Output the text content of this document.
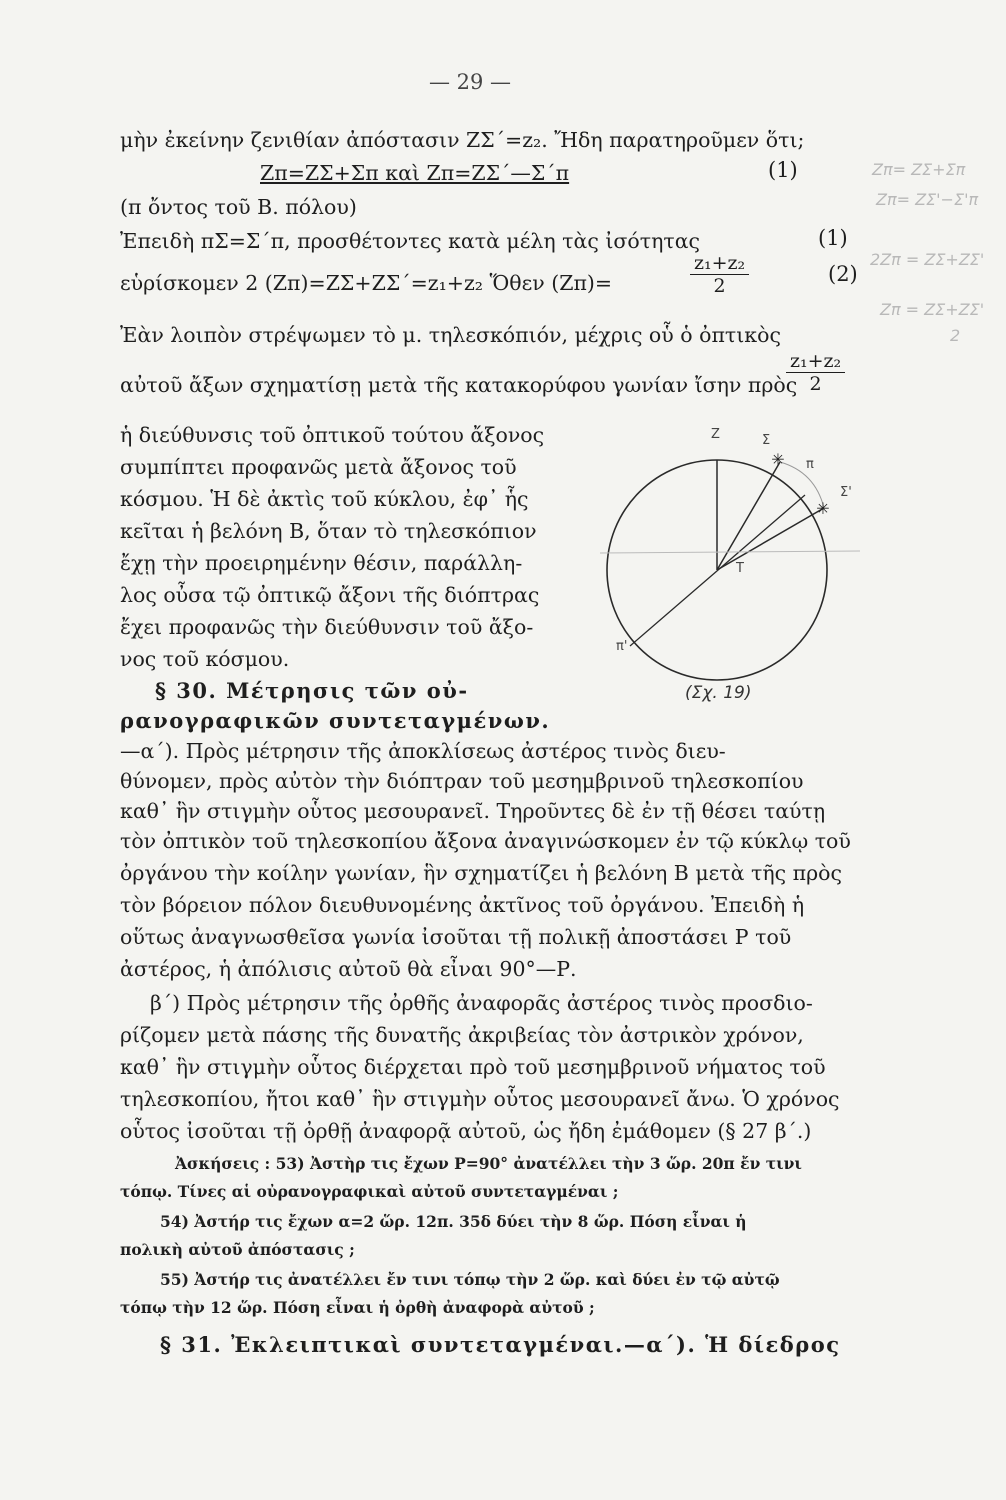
— 29 —
μὴν ἐκείνην ζενιθίαν ἀπόστασιν ΖΣ΄=z₂. Ἤδη παρατηροῦμεν ὅτι;
Ζπ=ΖΣ+Σπ καὶ Ζπ=ΖΣ΄—Σ΄π	(1)
(π ὄντος τοῦ Β. πόλου)
Ἐπειδὴ πΣ=Σ΄π, προσθέτοντες κατὰ μέλη τὰς ἰσότητας	(1)
εὑρίσκομεν 2 (Ζπ)=ΖΣ+ΖΣ΄=z₁+z₂ Ὅθεν (Ζπ)=	$\frac{\text{z₁+z₂}}{2}$	(2)
Ἐὰν λοιπὸν στρέψωμεν τὸ μ. τηλεσκόπιόν, μέχρις οὗ ὁ ὀπτικὸς
αὐτοῦ ἄξων σχηματίσῃ μετὰ τῆς κατακορύφου γωνίαν ἴσην πρὸς
$\frac{\text{z₁+z₂}}{2}$
ἡ διεύθυνσις τοῦ ὀπτικοῦ τούτου ἄξονος
συμπίπτει προφανῶς μετὰ ἄξονος τοῦ
κόσμου. Ἡ δὲ ἀκτὶς τοῦ κύκλου, ἐφ᾽ ἧς
κεῖται ἡ βελόνη Β, ὅταν τὸ τηλεσκόπιον
ἔχῃ τὴν προειρημένην θέσιν, παράλλη-
λος οὖσα τῷ ὀπτικῷ ἄξονι τῆς διόπτρας
ἔχει προφανῶς τὴν διεύθυνσιν τοῦ ἄξο-
νος τοῦ κόσμου.
§ 30. Μέτρησις τῶν οὐ-
ρανογραφικῶν συντεταγμένων.
✳
✳
Z	Σ
π
Σ'
T
π'
(Σχ. 19)
—α΄). Πρὸς μέτρησιν τῆς ἀποκλίσεως ἀστέρος τινὸς διευ-
θύνομεν, πρὸς αὐτὸν τὴν διόπτραν τοῦ μεσημβρινοῦ τηλεσκοπίου
καθ᾽ ἣν στιγμὴν οὗτος μεσουρανεῖ. Τηροῦντες δὲ ἐν τῇ θέσει ταύτῃ
τὸν ὀπτικὸν τοῦ τηλεσκοπίου ἄξονα ἀναγινώσκομεν ἐν τῷ κύκλῳ τοῦ
ὀργάνου τὴν κοίλην γωνίαν, ἣν σχηματίζει ἡ βελόνη Β μετὰ τῆς πρὸς
τὸν βόρειον πόλον διευθυνομένης ἀκτῖνος τοῦ ὀργάνου. Ἐπειδὴ ἡ
οὕτως ἀναγνωσθεῖσα γωνία ἰσοῦται τῇ πολικῇ ἀποστάσει Ρ τοῦ
ἀστέρος, ἡ ἀπόλισις αὐτοῦ θὰ εἶναι 90°—Ρ.
β΄) Πρὸς μέτρησιν τῆς ὀρθῆς ἀναφορᾶς ἀστέρος τινὸς προσδιο-
ρίζομεν μετὰ πάσης τῆς δυνατῆς ἀκριβείας τὸν ἀστρικὸν χρόνον,
καθ᾽ ἣν στιγμὴν οὗτος διέρχεται πρὸ τοῦ μεσημβρινοῦ νήματος τοῦ
τηλεσκοπίου, ἤτοι καθ᾽ ἣν στιγμὴν οὗτος μεσουρανεῖ ἄνω. Ὁ χρόνος
οὗτος ἰσοῦται τῇ ὀρθῇ ἀναφορᾷ αὐτοῦ, ὡς ἤδη ἐμάθομεν (§ 27 β΄.)
Ἀσκήσεις : 53) Ἀστὴρ τις ἔχων Ρ=90° ἀνατέλλει τὴν 3 ὥρ. 20π ἔν τινι
τόπῳ. Τίνες αἱ οὐρανογραφικαὶ αὐτοῦ συντεταγμέναι ;
54) Ἀστήρ τις ἔχων α=2 ὥρ. 12π. 35δ δύει τὴν 8 ὥρ. Πόση εἶναι ἡ
πολικὴ αὐτοῦ ἀπόστασις ;
55) Ἀστήρ τις ἀνατέλλει ἔν τινι τόπῳ τὴν 2 ὥρ. καὶ δύει ἐν τῷ αὐτῷ
τόπῳ τὴν 12 ὥρ. Πόση εἶναι ἡ ὀρθὴ ἀναφορὰ αὐτοῦ ;
§ 31. Ἐκλειπτικαὶ συντεταγμέναι.—α΄). Ἡ δίεδρος
Zπ= ZΣ+Σπ
Zπ= ZΣ'−Σ'π
2Zπ = ZΣ+ZΣ'
Zπ = ZΣ+ZΣ'
2
